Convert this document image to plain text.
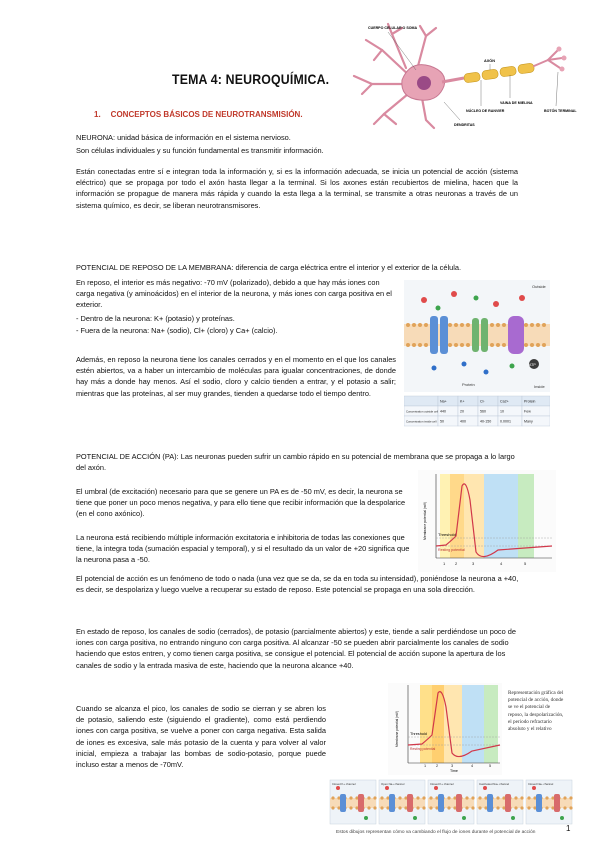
CUERPO CELULAR O SOMA
AXÓN
NÚCLEO DE RANVIER
VAINA DE MIELINA
BOTÓN TERMINAL
DENDRITAS
TEMA 4: NEUROQUÍMICA.
1. CONCEPTOS BÁSICOS DE NEUROTRANSMISIÓN.

NEURONA: unidad básica de información en el sistema nervioso.

Son células individuales y su función fundamental es transmitir información.

Están conectadas entre sí e integran toda la información y, si es la información adecuada, se inicia un potencial de acción (sistema eléctrico) que se propaga por todo el axón hasta llegar a la terminal. Si los axones están recubiertos de mielina, hacen que la información se propague de manera más rápida y cuando la esta llega a la terminal, se transmite a otras neuronas a través de un sistema químico, es decir, se liberan neurotransmisores.

POTENCIAL DE REPOSO DE LA MEMBRANA: diferencia de carga eléctrica entre el interior y el exterior de la célula.

En reposo, el interior es más negativo: -70 mV (polarizado), debido a que hay más iones con carga negativa (y aminoácidos) en el interior de la neurona, y más iones con carga positiva en el exterior.

- Dentro de la neurona: K+ (potasio) y proteínas.

- Fuera de la neurona: Na+ (sodio), Cl+ (cloro) y Ca+ (calcio).

Además, en reposo la neurona tiene los canales cerrados y en el momento en el que los canales estén abiertos, va a haber un intercambio de moléculas para igualar concentraciones, de donde hay más a donde hay menos. Así el sodio, cloro y calcio tienden a entrar, y el potasio a salir; mientras que las proteínas, al ser muy grandes, tienden a quedarse todo el tiempo dentro.

Outside
Inside
Protein
ATP
Na+	K+	Cl-	Ca2+	Protein
Concentration outside cell 440	20	560	10	Few
Concentration inside cell 50	400	40-150 0.0001	Many

POTENCIAL DE ACCIÓN (PA): Las neuronas pueden sufrir un cambio rápido en su potencial de membrana que se propaga a lo largo del axón.

El umbral (de excitación) necesario para que se genere un PA es de -50 mV, es decir, la neurona se tiene que poner un poco menos negativa, y para ello tiene que recibir información que la despolarice (en el cono axónico).

La neurona está recibiendo múltiple información excitatoria e inhibitoria de todas las conexiones que tiene, la integra toda (sumación espacial y temporal), y si el resultado da un valor de +20 significa que la neurona pasa a -50.

El potencial de acción es un fenómeno de todo o nada (una vez que se da, se da en toda su intensidad), poniéndose la neurona a +40, es decir, se despolariza y luego vuelve a recuperar su estado de reposo. Este potencial se propaga en una sola dirección.

En estado de reposo, los canales de sodio (cerrados), de potasio (parcialmente abiertos) y este, tiende a salir perdiéndose un poco de iones con carga positiva, no entrando ninguno con carga positiva. Al alcanzar -50 se pueden abrir parcialmente los canales de sodio haciendo que estos entren, y como tienen carga positiva, se consigue el potencial. El potencial de acción supone la apertura de los canales de sodio y la entrada masiva de este, haciendo que la neurona alcance +40.

Cuando se alcanza el pico, los canales de sodio se cierran y se abren los de potasio, saliendo este (siguiendo el gradiente), como está perdiendo iones con carga positiva, se vuelve a poner con carga negativa. Esta salida de iones es excesiva, sale más potasio de la cuenta y para volver al valor inicial, empieza a trabajar las bombas de sodio-potasio, porque puede incluso estar a menos de -70mV.

Threshold
Resting potential
Membrane potential (mV)
1 2	3	4	5
Threshold
Resting potential
Membrane potential (mV)
Time
1	2	3	4	5
Representación gráfica del potencial de acción, donde se ve el potencial de reposo, la despolarización, el periodo refractario absoluto y el relativo
Closed K+ channel	Open Na+ channel	Closed K+ channel	Inactivated Na+ channel	Closed Na+ channel
Estos dibujos representan cómo va cambiando el flujo de iones durante el potencial de acción	1
